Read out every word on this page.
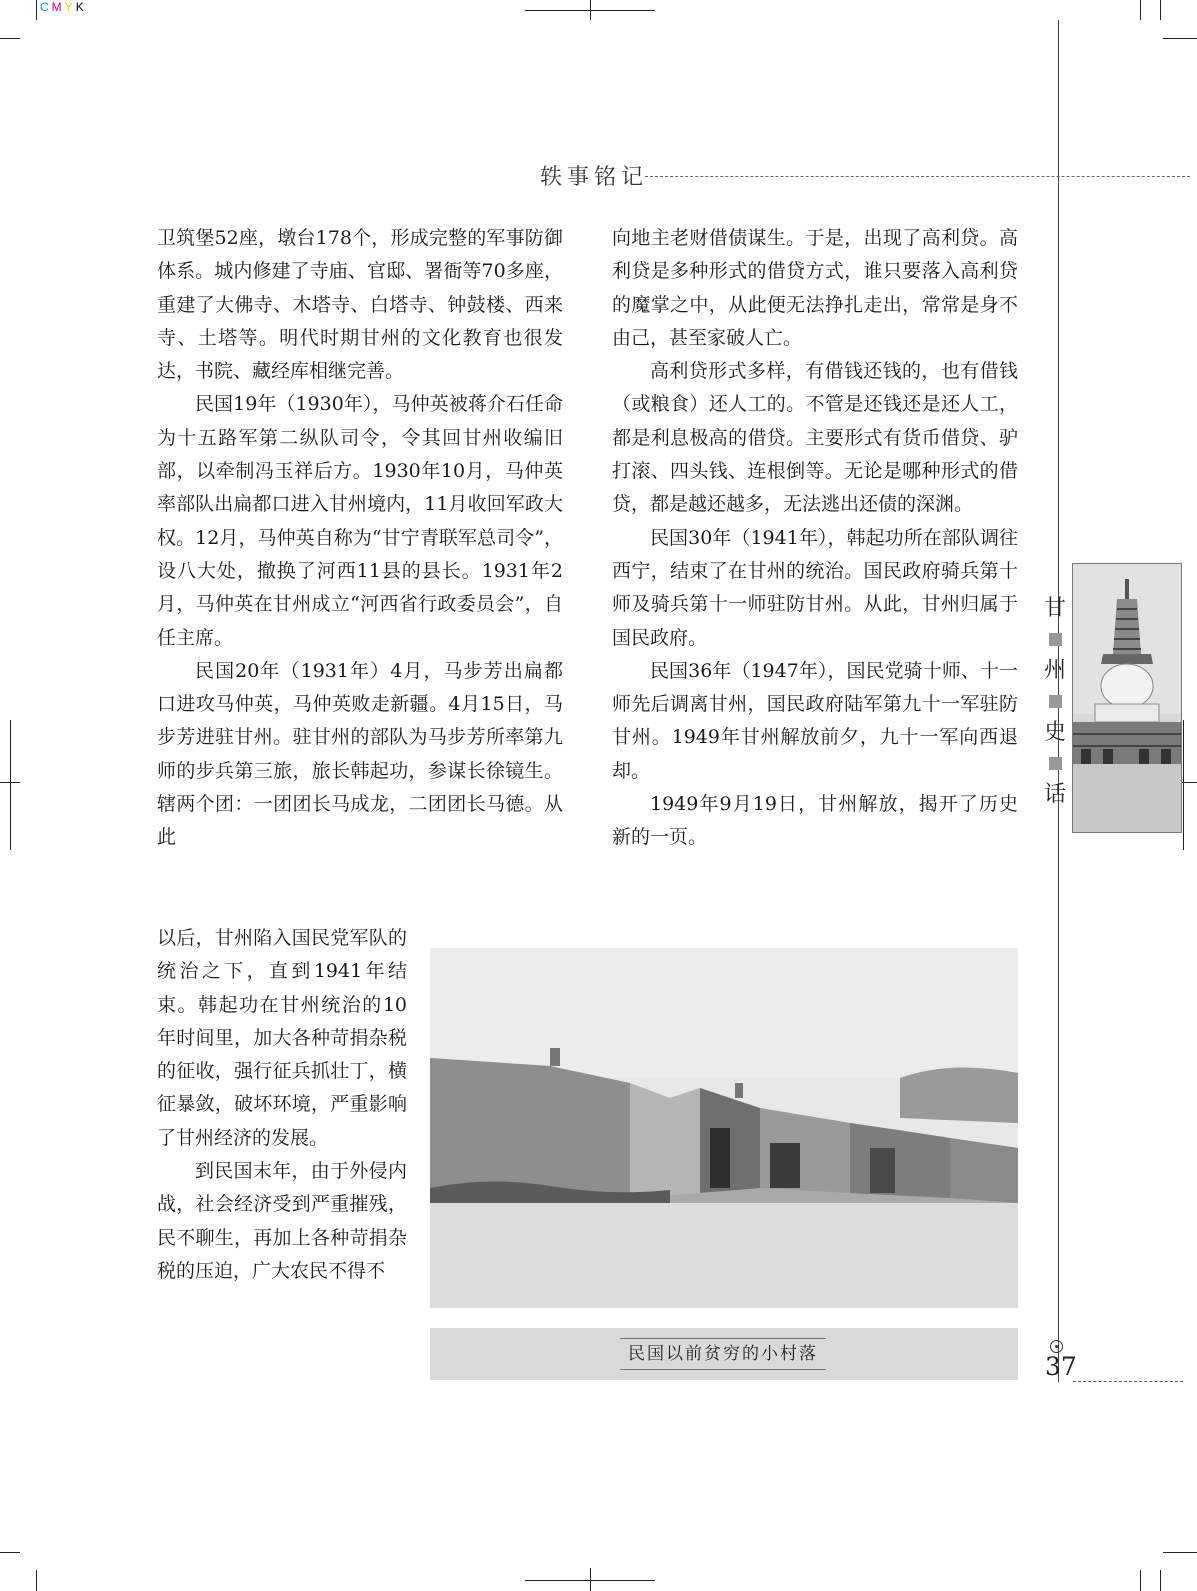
CMYK
轶事铭记

卫筑堡52座，墩台178个，形成完整的军事防御体系。城内修建了寺庙、官邸、署衙等70多座，重建了大佛寺、木塔寺、白塔寺、钟鼓楼、西来寺、土塔等。明代时期甘州的文化教育也很发达，书院、藏经库相继完善。

民国19年（1930年），马仲英被蒋介石任命为十五路军第二纵队司令，令其回甘州收编旧部，以牵制冯玉祥后方。1930年10月，马仲英率部队出扁都口进入甘州境内，11月收回军政大权。12月，马仲英自称为“甘宁青联军总司令”，设八大处，撤换了河西11县的县长。1931年2月，马仲英在甘州成立“河西省行政委员会”，自任主席。

民国20年（1931年）4月，马步芳出扁都口进攻马仲英，马仲英败走新疆。4月15日，马步芳进驻甘州。驻甘州的部队为马步芳所率第九师的步兵第三旅，旅长韩起功，参谋长徐镜生。辖两个团：一团团长马成龙，二团团长马德。从此

以后，甘州陷入国民党军队的统治之下，直到1941年结束。韩起功在甘州统治的10年时间里，加大各种苛捐杂税的征收，强行征兵抓壮丁，横征暴敛，破坏环境，严重影响了甘州经济的发展。

到民国末年，由于外侵内战，社会经济受到严重摧残，民不聊生，再加上各种苛捐杂税的压迫，广大农民不得不

向地主老财借债谋生。于是，出现了高利贷。高利贷是多种形式的借贷方式，谁只要落入高利贷的魔掌之中，从此便无法挣扎走出，常常是身不由己，甚至家破人亡。

高利贷形式多样，有借钱还钱的，也有借钱（或粮食）还人工的。不管是还钱还是还人工，都是利息极高的借贷。主要形式有货币借贷、驴打滚、四头钱、连根倒等。无论是哪种形式的借贷，都是越还越多，无法逃出还债的深渊。

民国30年（1941年），韩起功所在部队调往西宁，结束了在甘州的统治。国民政府骑兵第十师及骑兵第十一师驻防甘州。从此，甘州归属于国民政府。

民国36年（1947年），国民党骑十师、十一师先后调离甘州，国民政府陆军第九十一军驻防甘州。1949年甘州解放前夕，九十一军向西退却。

1949年9月19日，甘州解放，揭开了历史新的一页。

民国以前贫穷的小村落
甘
州
史
话
37
